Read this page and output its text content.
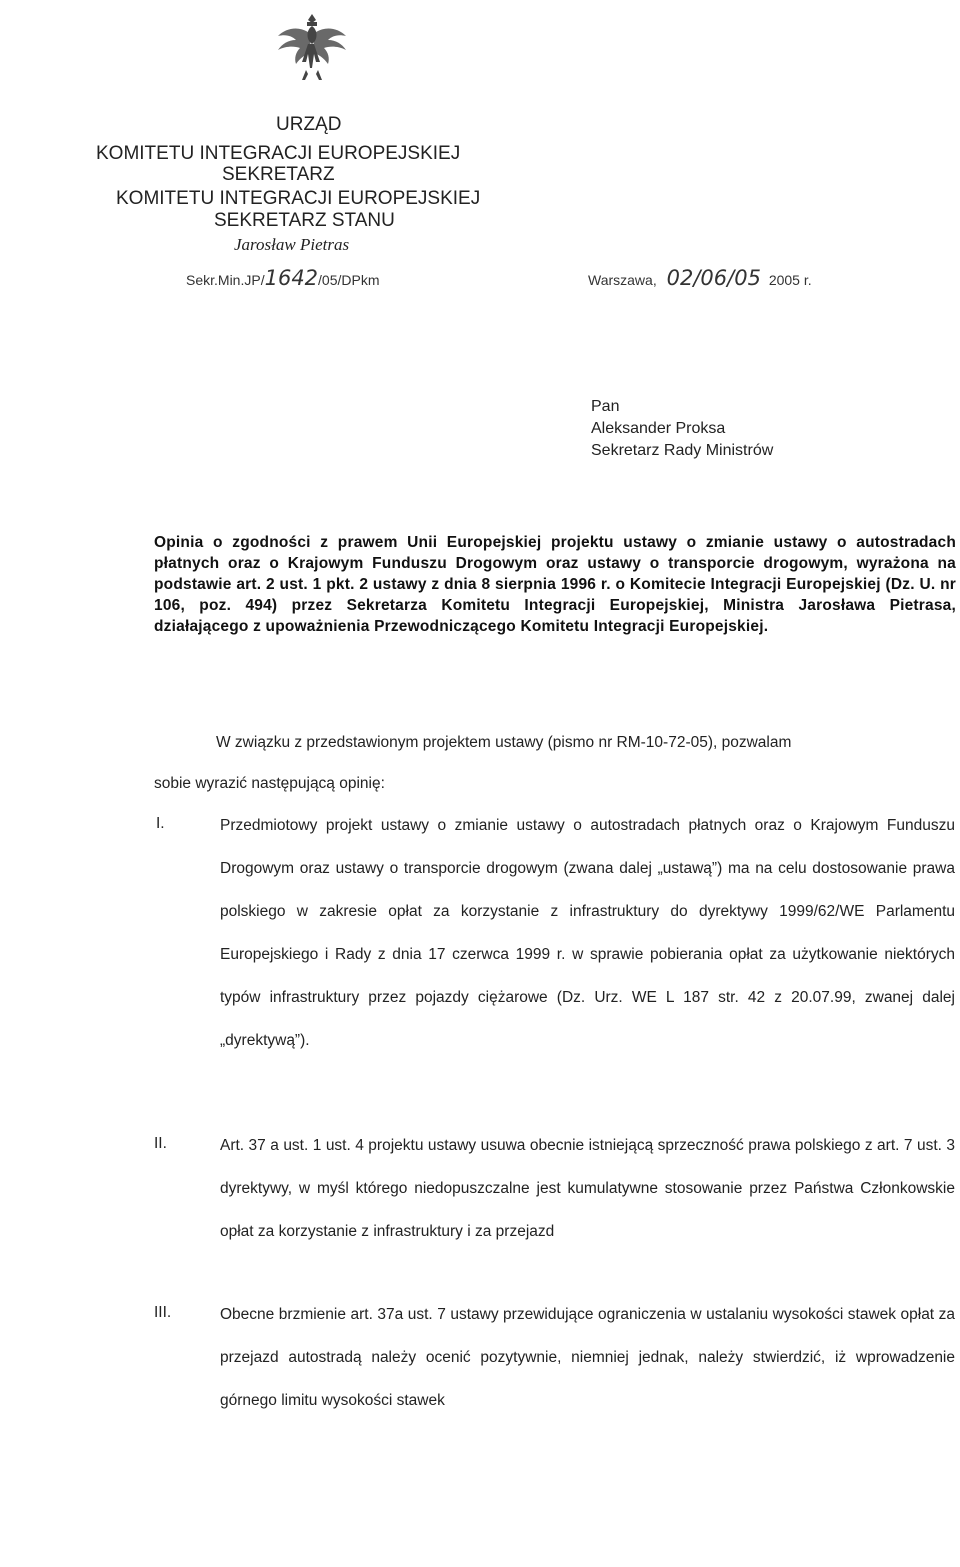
URZĄD
KOMITETU INTEGRACJI EUROPEJSKIEJ
SEKRETARZ
KOMITETU INTEGRACJI EUROPEJSKIEJ
SEKRETARZ STANU
Jarosław Pietras
Sekr.Min.JP/1642/05/DPkm	Warszawa, 02/06/05 2005 r.
Pan
Aleksander Proksa
Sekretarz Rady Ministrów
Opinia o zgodności z prawem Unii Europejskiej projektu ustawy o zmianie ustawy o autostradach płatnych oraz o Krajowym Funduszu Drogowym oraz ustawy o transporcie drogowym, wyrażona na podstawie art. 2 ust. 1 pkt. 2 ustawy z dnia 8 sierpnia 1996 r. o Komitecie Integracji Europejskiej (Dz. U. nr 106, poz. 494) przez Sekretarza Komitetu Integracji Europejskiej, Ministra Jarosława Pietrasa, działającego z upoważnienia Przewodniczącego Komitetu Integracji Europejskiej.
W związku z przedstawionym projektem ustawy (pismo nr RM-10-72-05), pozwalam
sobie wyrazić następującą opinię:
I.	Przedmiotowy projekt ustawy o zmianie ustawy o autostradach płatnych oraz o Krajowym Funduszu Drogowym oraz ustawy o transporcie drogowym (zwana dalej „ustawą”) ma na celu dostosowanie prawa polskiego w zakresie opłat za korzystanie z infrastruktury do dyrektywy 1999/62/WE Parlamentu Europejskiego i Rady z dnia 17 czerwca 1999 r. w sprawie pobierania opłat za użytkowanie niektórych typów infrastruktury przez pojazdy ciężarowe (Dz. Urz. WE L 187 str. 42 z 20.07.99, zwanej dalej „dyrektywą”).
II.	Art. 37 a ust. 1 ust. 4 projektu ustawy usuwa obecnie istniejącą sprzeczność prawa polskiego z art. 7 ust. 3 dyrektywy, w myśl którego niedopuszczalne jest kumulatywne stosowanie przez Państwa Członkowskie opłat za korzystanie z infrastruktury i za przejazd
III.	Obecne brzmienie art. 37a ust. 7 ustawy przewidujące ograniczenia w ustalaniu wysokości stawek opłat za przejazd autostradą należy ocenić pozytywnie, niemniej jednak, należy stwierdzić, iż wprowadzenie górnego limitu wysokości stawek
